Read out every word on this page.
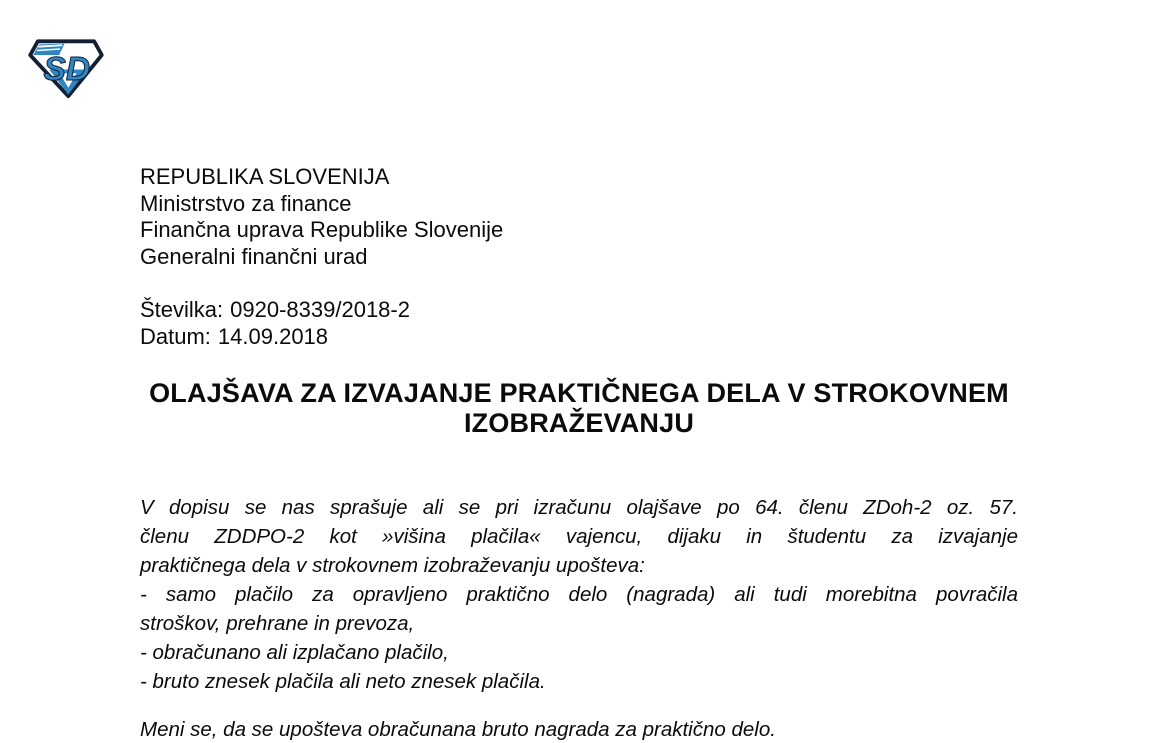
SD
REPUBLIKA SLOVENIJA
Ministrstvo za finance
Finančna uprava Republike Slovenije
Generalni finančni urad
Številka: 0920-8339/2018-2
Datum: 14.09.2018
OLAJŠAVA ZA IZVAJANJE PRAKTIČNEGA DELA V STROKOVNEM
IZOBRAŽEVANJU
V dopisu se nas sprašuje ali se pri izračunu olajšave po 64. členu ZDoh-2 oz. 57.
členu ZDDPO-2 kot »višina plačila« vajencu, dijaku in študentu za izvajanje
praktičnega dela v strokovnem izobraževanju upošteva:
- samo plačilo za opravljeno praktično delo (nagrada) ali tudi morebitna povračila
stroškov, prehrane in prevoza,
- obračunano ali izplačano plačilo,
- bruto znesek plačila ali neto znesek plačila.
Meni se, da se upošteva obračunana bruto nagrada za praktično delo.
